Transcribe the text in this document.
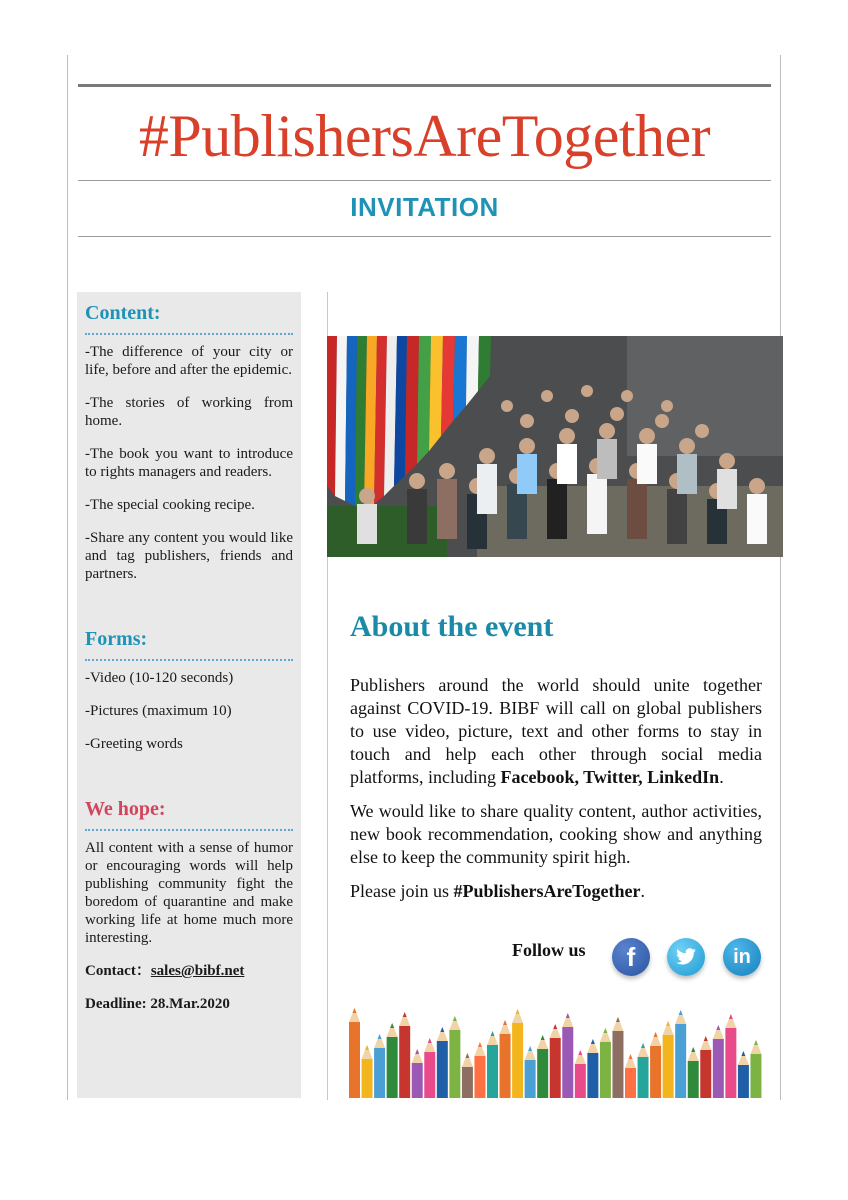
#PublishersAreTogether
INVITATION
Content:

-The difference of your city or life, before and after the epidemic.

-The stories of working from home.

-The book you want to introduce to rights managers and readers.

-The special cooking recipe.

-Share any content you would like and tag publishers, friends and partners.

Forms:

-Video (10-120 seconds)

-Pictures (maximum 10)

-Greeting words

We hope:

All content with a sense of humor or encouraging words will help publishing community fight the boredom of quarantine and make working life at home much more interesting.

Contact：sales@bibf.net

Deadline: 28.Mar.2020

About the event

Publishers around the world should unite together against COVID-19. BIBF will call on global publishers to use video, picture, text and other forms to stay in touch and help each other through social media platforms, including Facebook, Twitter, LinkedIn.

We would like to share quality content, author activities, new book recommendation, cooking show and anything else to keep the community spirit high.

Please join us #PublishersAreTogether.

Follow us	f	in
